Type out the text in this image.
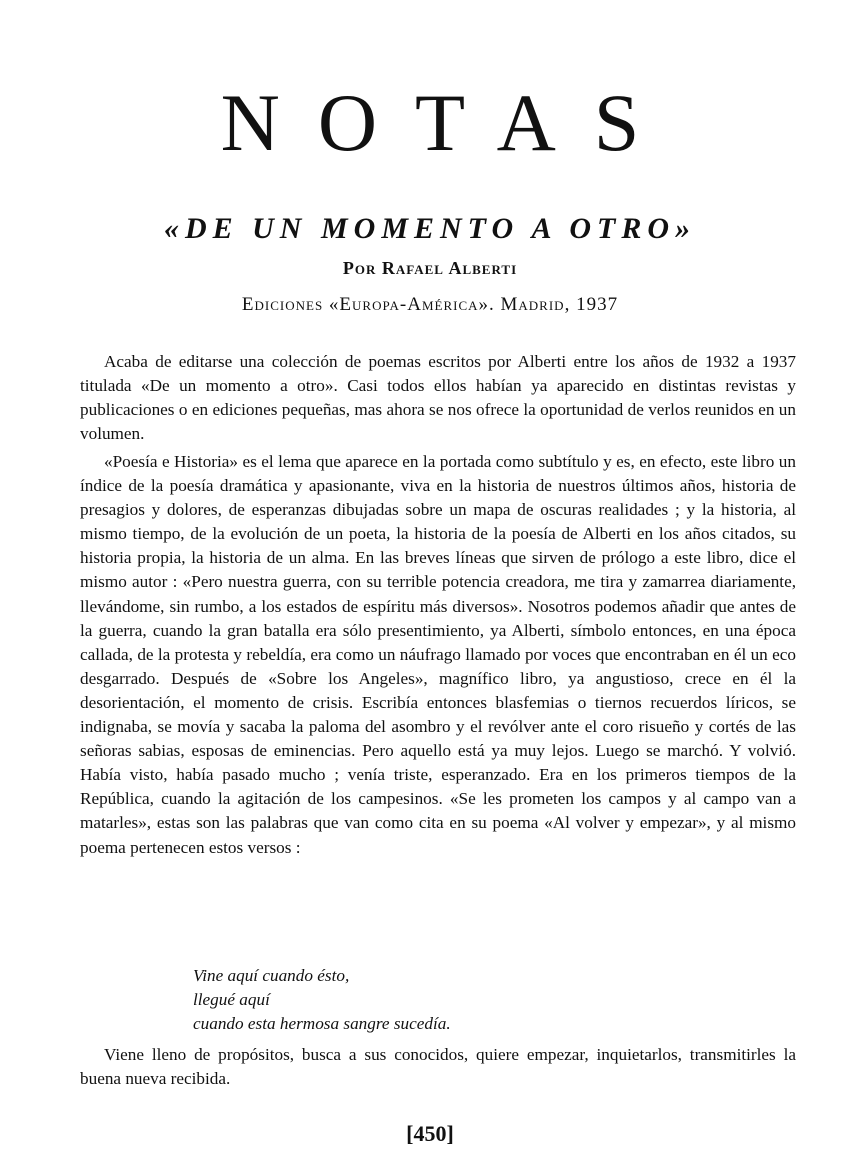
NOTAS
«DE UN MOMENTO A OTRO»
Por Rafael Alberti
Ediciones «Europa-América». Madrid, 1937

Acaba de editarse una colección de poemas escritos por Alberti entre los años de 1932 a 1937 titulada «De un momento a otro». Casi todos ellos habían ya aparecido en distintas revistas y publicaciones o en ediciones pequeñas, mas ahora se nos ofrece la oportunidad de verlos reunidos en un volumen.

«Poesía e Historia» es el lema que aparece en la portada como subtítulo y es, en efecto, este libro un índice de la poesía dramática y apasionante, viva en la historia de nuestros últimos años, historia de presagios y dolores, de esperanzas dibujadas sobre un mapa de oscuras realidades ; y la historia, al mismo tiempo, de la evolución de un poeta, la historia de la poesía de Alberti en los años citados, su historia propia, la historia de un alma. En las breves líneas que sirven de prólogo a este libro, dice el mismo autor : «Pero nuestra guerra, con su terrible potencia creadora, me tira y zamarrea diariamente, llevándome, sin rumbo, a los estados de espíritu más diversos». Nosotros podemos añadir que antes de la guerra, cuando la gran batalla era sólo presentimiento, ya Alberti, símbolo entonces, en una época callada, de la protesta y rebeldía, era como un náufrago llamado por voces que encontraban en él un eco desgarrado. Después de «Sobre los Angeles», magnífico libro, ya angustioso, crece en él la desorientación, el momento de crisis. Escribía entonces blasfemias o tiernos recuerdos líricos, se indignaba, se movía y sacaba la paloma del asombro y el revólver ante el coro risueño y cortés de las señoras sabias, esposas de eminencias. Pero aquello está ya muy lejos. Luego se marchó. Y volvió. Había visto, había pasado mucho ; venía triste, esperanzado. Era en los primeros tiempos de la República, cuando la agitación de los campesinos. «Se les prometen los campos y al campo van a matarles», estas son las palabras que van como cita en su poema «Al volver y empezar», y al mismo poema pertenecen estos versos :

Vine aquí cuando ésto,
llegué aquí
cuando esta hermosa sangre sucedía.

Viene lleno de propósitos, busca a sus conocidos, quiere empezar, inquietarlos, transmitirles la buena nueva recibida.

[450]
